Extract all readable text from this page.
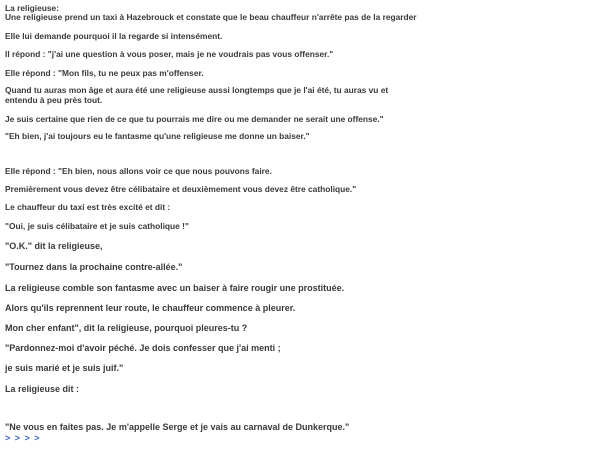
La religieuse:
Une religieuse prend un taxi à Hazebrouck et constate que le beau chauffeur n'arrête pas de la regarder
Elle lui demande pourquoi il la regarde si intensément.
Il répond : "j'ai une question à vous poser, mais je ne voudrais pas vous offenser."
Elle répond : "Mon fils, tu ne peux pas m'offenser.
Quand tu auras mon âge et aura été une religieuse aussi longtemps que je l'ai été, tu auras vu et entendu à peu près tout.
Je suis certaine que rien de ce que tu pourrais me dire ou me demander ne serait une offense."
"Eh bien, j'ai toujours eu le fantasme qu'une religieuse me donne un baiser."
Elle répond : "Eh bien, nous allons voir ce que nous pouvons faire.
Premièrement vous devez être célibataire et deuxièmement vous devez être catholique."
Le chauffeur du taxi est très excité et dit :
"Oui, je suis célibataire et je suis catholique !"
"O.K." dit la religieuse,
"Tournez dans la prochaine contre-allée."
La religieuse comble son fantasme avec un baiser à faire rougir une prostituée.
Alors qu'ils reprennent leur route, le chauffeur commence à pleurer.
Mon cher enfant", dit la religieuse, pourquoi pleures-tu ?
"Pardonnez-moi d'avoir péché. Je dois confesser que j'ai menti ;
je suis marié et je suis juif."
La religieuse dit :
"Ne vous en faites pas. Je m'appelle Serge et je vais au carnaval de Dunkerque."
> > > >
